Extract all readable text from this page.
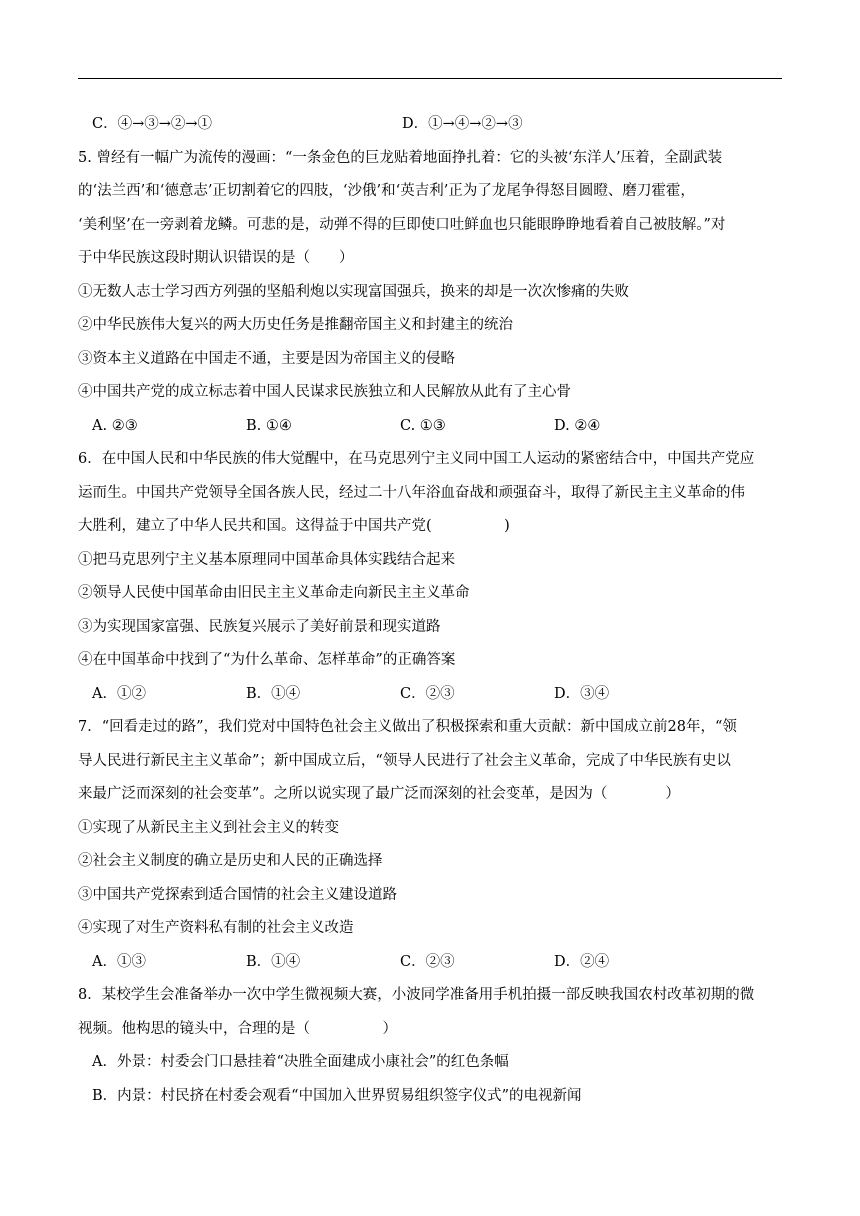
C．④→③→②→①	D．①→④→②→③
5. 曾经有一幅广为流传的漫画：“一条金色的巨龙贴着地面挣扎着：它的头被‘东洋人’压着，全副武装
的‘法兰西’和‘德意志’正切割着它的四肢，‘沙俄’和‘英吉利’正为了龙尾争得怒目圆瞪、磨刀霍霍，
‘美利坚’在一旁剥着龙鳞。可悲的是，动弹不得的巨即使口吐鲜血也只能眼睁睁地看着自己被肢解。”对
于中华民族这段时期认识错误的是（　　）
①无数人志士学习西方列强的坚船利炮以实现富国强兵，换来的却是一次次惨痛的失败
②中华民族伟大复兴的两大历史任务是推翻帝国主义和封建主的统治
③资本主义道路在中国走不通，主要是因为帝国主义的侵略
④中国共产党的成立标志着中国人民谋求民族独立和人民解放从此有了主心骨
A. ②③	B. ①④	C. ①③	D. ②④
6．在中国人民和中华民族的伟大觉醒中，在马克思列宁主义同中国工人运动的紧密结合中，中国共产党应
运而生。中国共产党领导全国各族人民，经过二十八年浴血奋战和顽强奋斗，取得了新民主主义革命的伟
大胜利，建立了中华人民共和国。这得益于中国共产党(　　　　　)
①把马克思列宁主义基本原理同中国革命具体实践结合起来
②领导人民使中国革命由旧民主主义革命走向新民主主义革命
③为实现国家富强、民族复兴展示了美好前景和现实道路
④在中国革命中找到了“为什么革命、怎样革命”的正确答案
A．①②	B．①④	C．②③	D．③④
7．“回看走过的路”，我们党对中国特色社会主义做出了积极探索和重大贡献：新中国成立前28年，“领
导人民进行新民主主义革命”；新中国成立后，“领导人民进行了社会主义革命，完成了中华民族有史以
来最广泛而深刻的社会变革”。之所以说实现了最广泛而深刻的社会变革，是因为（　　　　）
①实现了从新民主主义到社会主义的转变
②社会主义制度的确立是历史和人民的正确选择
③中国共产党探索到适合国情的社会主义建设道路
④实现了对生产资料私有制的社会主义改造
A．①③	B．①④	C．②③	D．②④
8．某校学生会准备举办一次中学生微视频大赛，小波同学准备用手机拍摄一部反映我国农村改革初期的微
视频。他构思的镜头中，合理的是（　　　　　）
A．外景：村委会门口悬挂着“决胜全面建成小康社会”的红色条幅
B．内景：村民挤在村委会观看“中国加入世界贸易组织签字仪式”的电视新闻
